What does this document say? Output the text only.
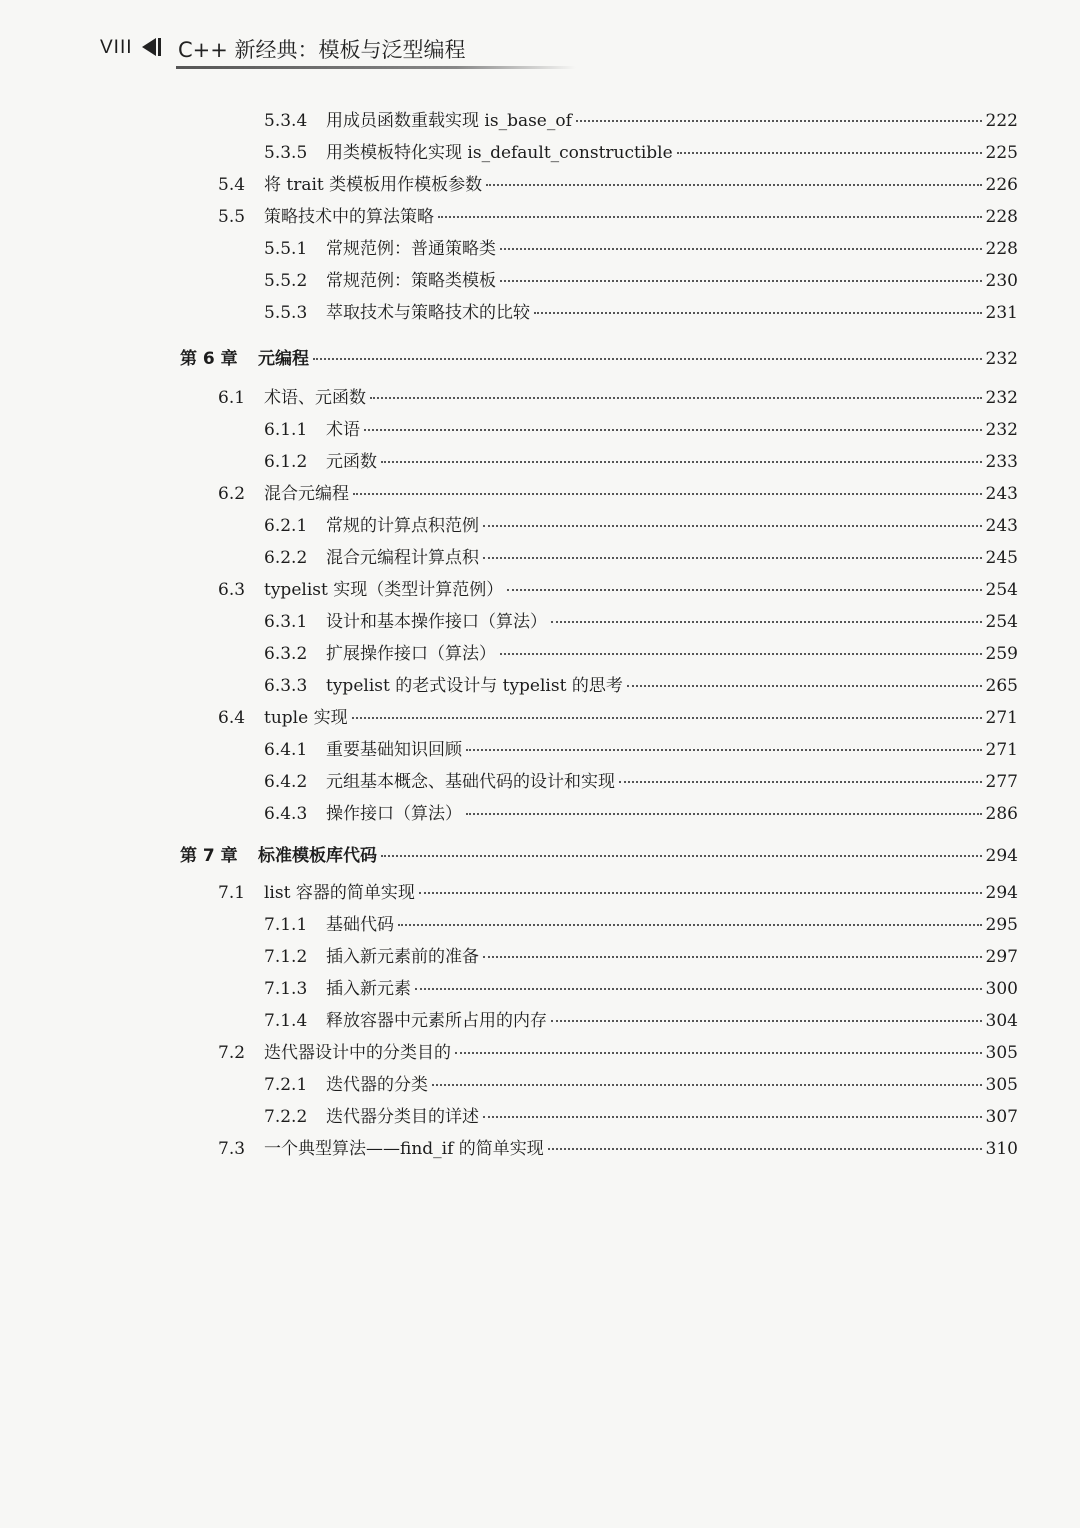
VIII C++ 新经典：模板与泛型编程
5.3.4	用成员函数重载实现 is_base_of	222
5.3.5	用类模板特化实现 is_default_constructible	225
5.4	将 trait 类模板用作模板参数	226
5.5	策略技术中的算法策略	228
5.5.1	常规范例：普通策略类	228
5.5.2	常规范例：策略类模板	230
5.5.3	萃取技术与策略技术的比较	231
第 6 章	元编程	232
6.1	术语、元函数	232
6.1.1	术语	232
6.1.2	元函数	233
6.2	混合元编程	243
6.2.1	常规的计算点积范例	243
6.2.2	混合元编程计算点积	245
6.3	typelist 实现（类型计算范例）	254
6.3.1	设计和基本操作接口（算法）	254
6.3.2	扩展操作接口（算法）	259
6.3.3	typelist 的老式设计与 typelist 的思考	265
6.4	tuple 实现	271
6.4.1	重要基础知识回顾	271
6.4.2	元组基本概念、基础代码的设计和实现	277
6.4.3	操作接口（算法）	286
第 7 章	标准模板库代码	294
7.1	list 容器的简单实现	294
7.1.1	基础代码	295
7.1.2	插入新元素前的准备	297
7.1.3	插入新元素	300
7.1.4	释放容器中元素所占用的内存	304
7.2	迭代器设计中的分类目的	305
7.2.1	迭代器的分类	305
7.2.2	迭代器分类目的详述	307
7.3	一个典型算法——find_if 的简单实现	310
